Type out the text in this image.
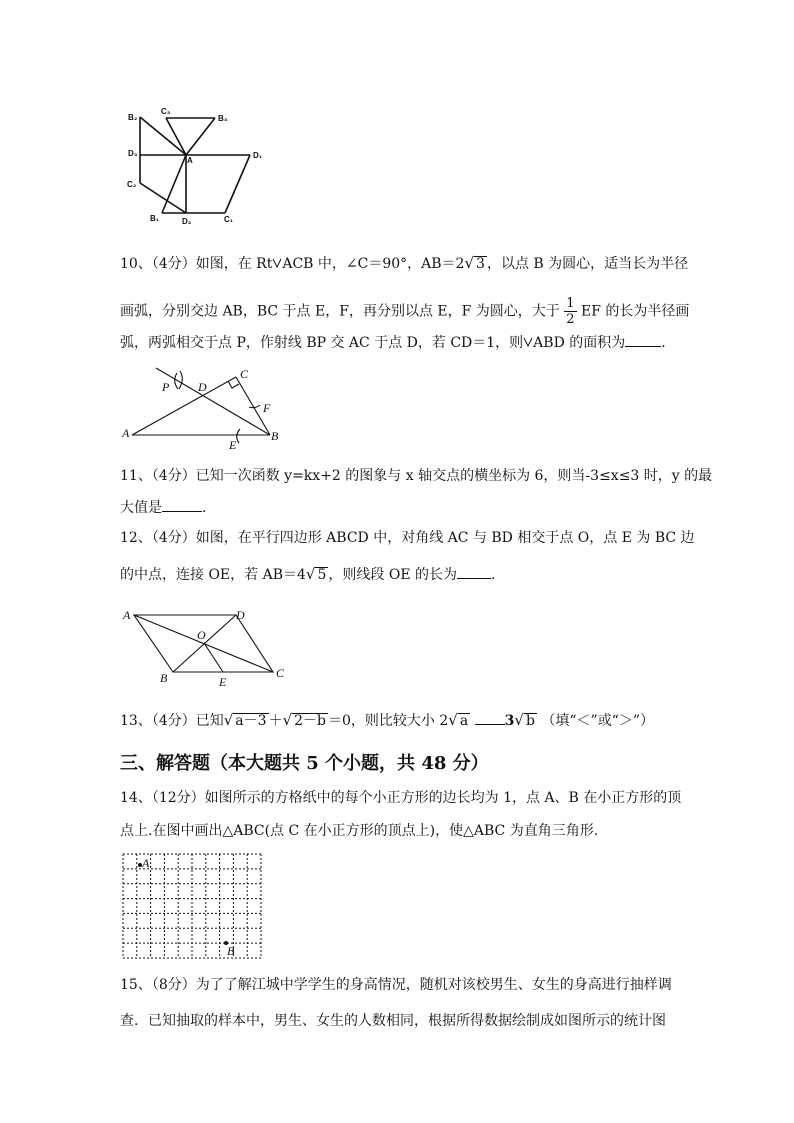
B₂
C₃
B₃
D₃
A
D₁
C₂
B₁	D₂	C₁
10、（4分）如图，在 Rt ACB 中，∠C＝90°，AB＝2√ 3 ，以点 B 为圆心，适当长为半径
画弧，分别交边 AB，BC 于点 E，F，再分别以点 E，F 为圆心，大于 $\frac{1}{2}$ EF 的长为半径画
弧，两弧相交于点 P，作射线 BP 交 AC 于点 D，若 CD＝1，则 ABD 的面积为	.
A
P D
C
F
E
B
11、（4分）已知一次函数 y=kx+2 的图象与 x 轴交点的横坐标为 6，则当-3≤x≤3 时，y 的最
大值是	.
12、（4分）如图，在平行四边形 ABCD 中，对角线 AC 与 BD 相交于点 O，点 E 为 BC 边
的中点，连接 OE，若 AB＝4√ 5 ，则线段 OE 的长为 .
A	D
O
B	E
C
13、（4分）已知√ a－3 ＋√ 2－b ＝0，则比较大小 2√ a	3√ b （填“＜”或“＞”）
三、解答题（本大题共 5 个小题，共 48 分）
14、（12分）如图所示的方格纸中的每个小正方形的边长均为 1，点 A、B 在小正方形的顶
点上.在图中画出△ABC(点 C 在小正方形的顶点上)，使△ABC 为直角三角形.
A
B
15、（8分）为了了解江城中学学生的身高情况，随机对该校男生、女生的身高进行抽样调
查．已知抽取的样本中，男生、女生的人数相同，根据所得数据绘制成如图所示的统计图
